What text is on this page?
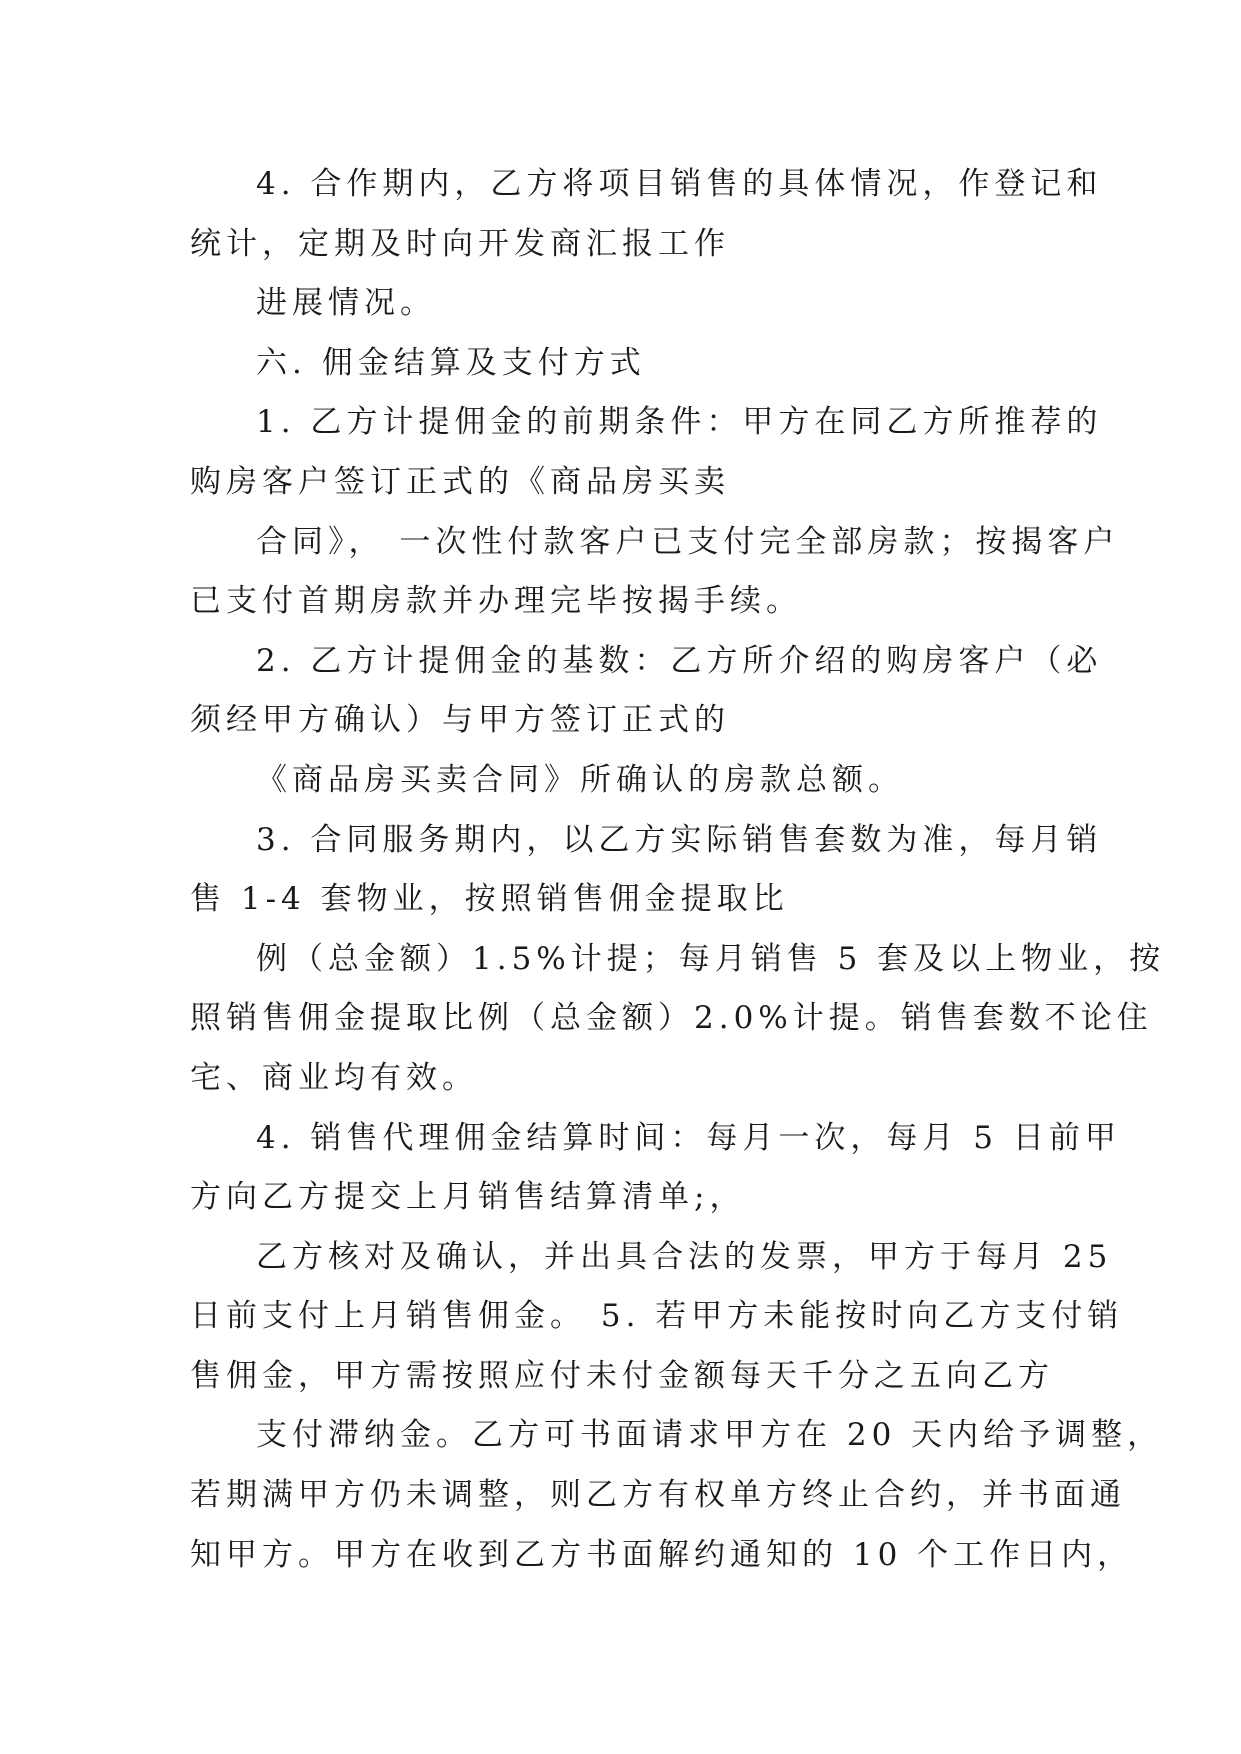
4. 合作期内，乙方将项目销售的具体情况，作登记和
统计，定期及时向开发商汇报工作
进展情况。
六. 佣金结算及支付方式
1. 乙方计提佣金的前期条件：甲方在同乙方所推荐的
购房客户签订正式的《商品房买卖
合同》， 一次性付款客户已支付完全部房款；按揭客户
已支付首期房款并办理完毕按揭手续。
2. 乙方计提佣金的基数：乙方所介绍的购房客户（必
须经甲方确认）与甲方签订正式的
《商品房买卖合同》所确认的房款总额。
3. 合同服务期内，以乙方实际销售套数为准，每月销
售 1-4 套物业，按照销售佣金提取比
例（总金额）1.5%计提；每月销售 5 套及以上物业，按
照销售佣金提取比例（总金额）2.0%计提。销售套数不论住
宅、商业均有效。
4. 销售代理佣金结算时间：每月一次，每月 5 日前甲
方向乙方提交上月销售结算清单;，
乙方核对及确认，并出具合法的发票，甲方于每月 25
日前支付上月销售佣金。 5. 若甲方未能按时向乙方支付销
售佣金，甲方需按照应付未付金额每天千分之五向乙方
支付滞纳金。乙方可书面请求甲方在 20 天内给予调整，
若期满甲方仍未调整，则乙方有权单方终止合约，并书面通
知甲方。甲方在收到乙方书面解约通知的 10 个工作日内，
